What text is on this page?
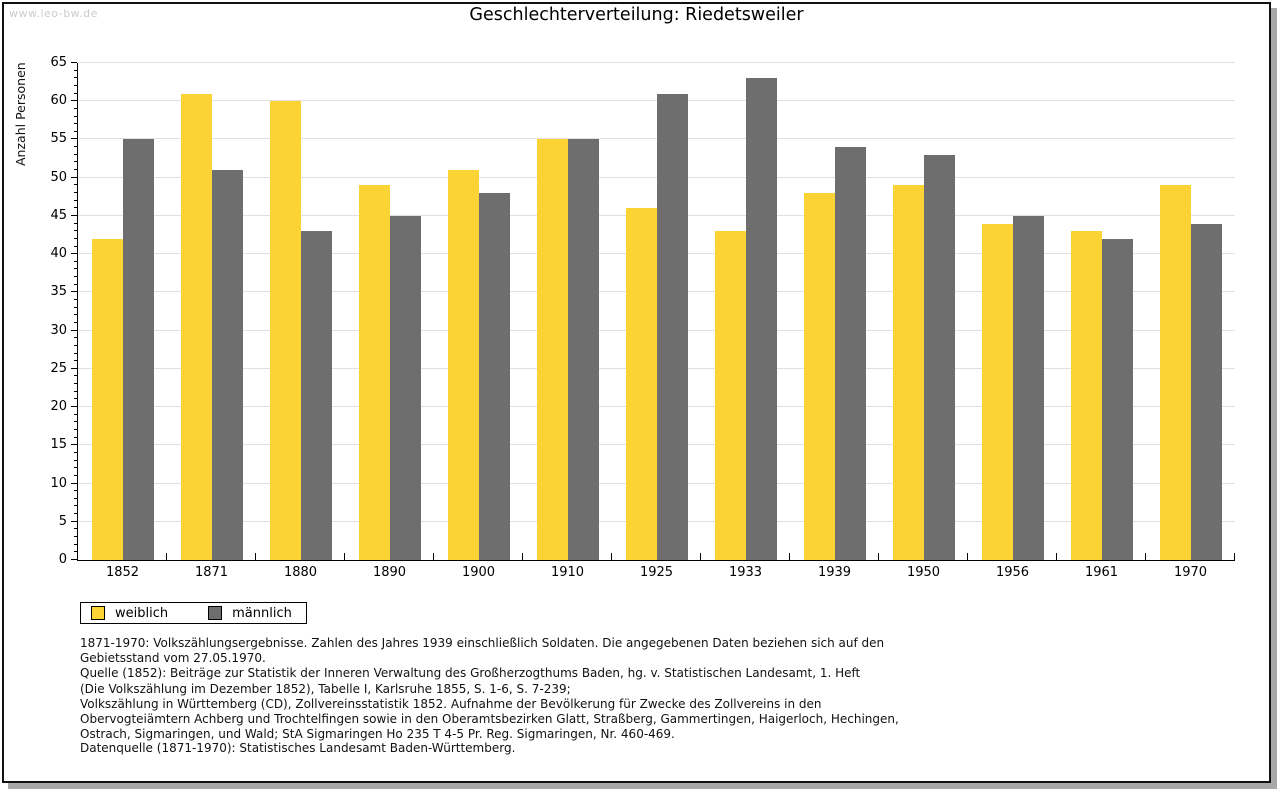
www.leo-bw.de	Geschlechterverteilung: Riedetsweiler
Anzahl Personen
0
5
10
15
20
25
30
35
40
45
50
55
60
65
1852	1871	1880	1890	1900	1910	1925	1933	1939	1950	1956	1961	1970
weiblich	männlich
1871-1970: Volkszählungsergebnisse. Zahlen des Jahres 1939 einschließlich Soldaten. Die angegebenen Daten beziehen sich auf den
Gebietsstand vom 27.05.1970.
Quelle (1852): Beiträge zur Statistik der Inneren Verwaltung des Großherzogthums Baden, hg. v. Statistischen Landesamt, 1. Heft
(Die Volkszählung im Dezember 1852), Tabelle I, Karlsruhe 1855, S. 1-6, S. 7-239;
Volkszählung in Württemberg (CD), Zollvereinsstatistik 1852. Aufnahme der Bevölkerung für Zwecke des Zollvereins in den
Obervogteiämtern Achberg und Trochtelfingen sowie in den Oberamtsbezirken Glatt, Straßberg, Gammertingen, Haigerloch, Hechingen,
Ostrach, Sigmaringen, und Wald; StA Sigmaringen Ho 235 T 4-5 Pr. Reg. Sigmaringen, Nr. 460-469.
Datenquelle (1871-1970): Statistisches Landesamt Baden-Württemberg.
